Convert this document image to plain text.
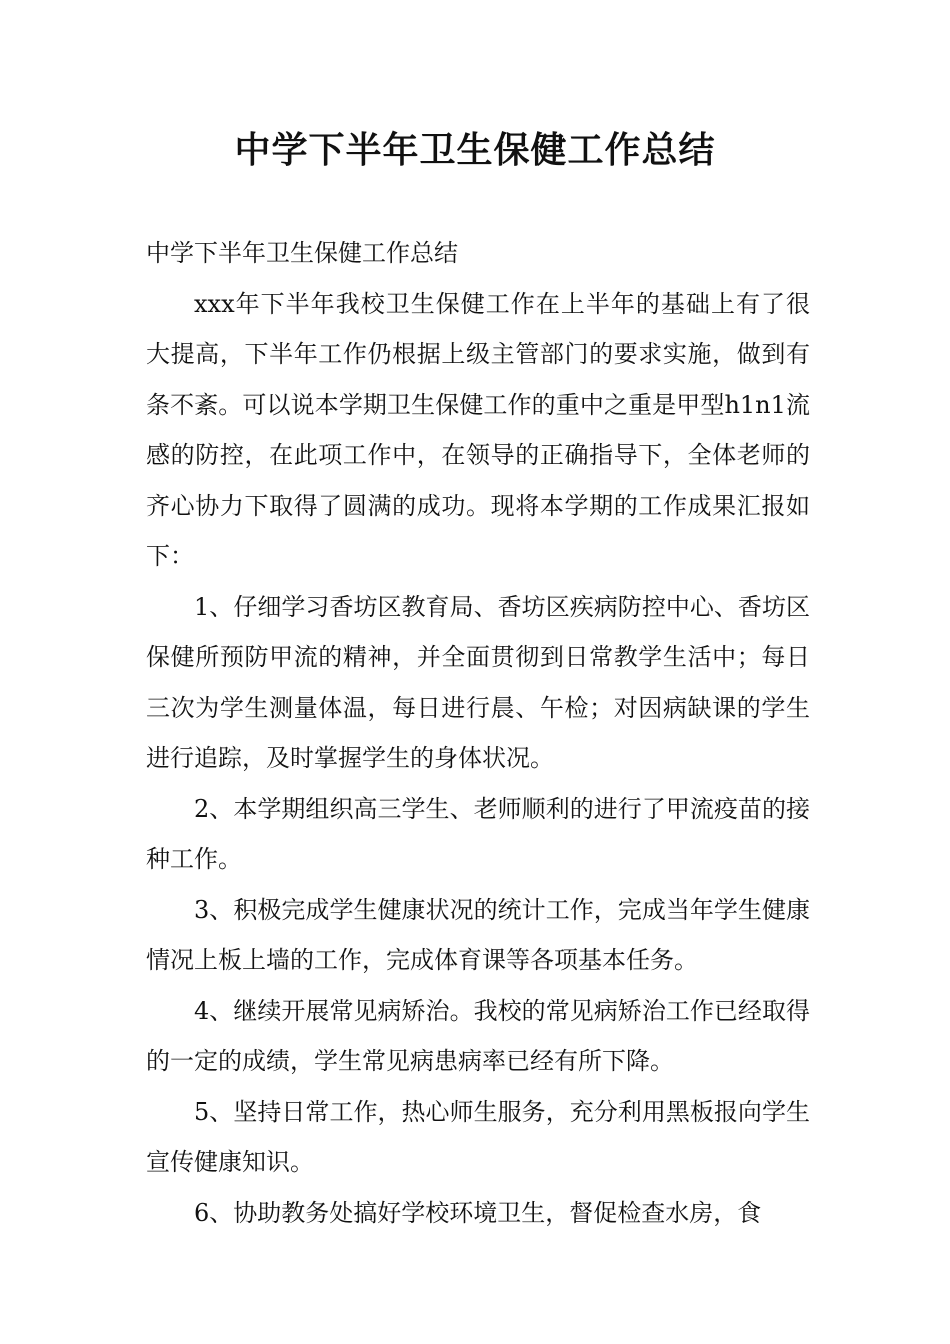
中学下半年卫生保健工作总结

中学下半年卫生保健工作总结

xxx年下半年我校卫生保健工作在上半年的基础上有了很大提高，下半年工作仍根据上级主管部门的要求实施，做到有条不紊。可以说本学期卫生保健工作的重中之重是甲型h1n1流感的防控，在此项工作中，在领导的正确指导下，全体老师的齐心协力下取得了圆满的成功。现将本学期的工作成果汇报如下：

1、仔细学习香坊区教育局、香坊区疾病防控中心、香坊区保健所预防甲流的精神，并全面贯彻到日常教学生活中；每日三次为学生测量体温，每日进行晨、午检；对因病缺课的学生进行追踪，及时掌握学生的身体状况。

2、本学期组织高三学生、老师顺利的进行了甲流疫苗的接种工作。

3、积极完成学生健康状况的统计工作，完成当年学生健康情况上板上墙的工作，完成体育课等各项基本任务。

4、继续开展常见病矫治。我校的常见病矫治工作已经取得的一定的成绩，学生常见病患病率已经有所下降。

5、坚持日常工作，热心师生服务，充分利用黑板报向学生宣传健康知识。

6、协助教务处搞好学校环境卫生，督促检查水房，食
